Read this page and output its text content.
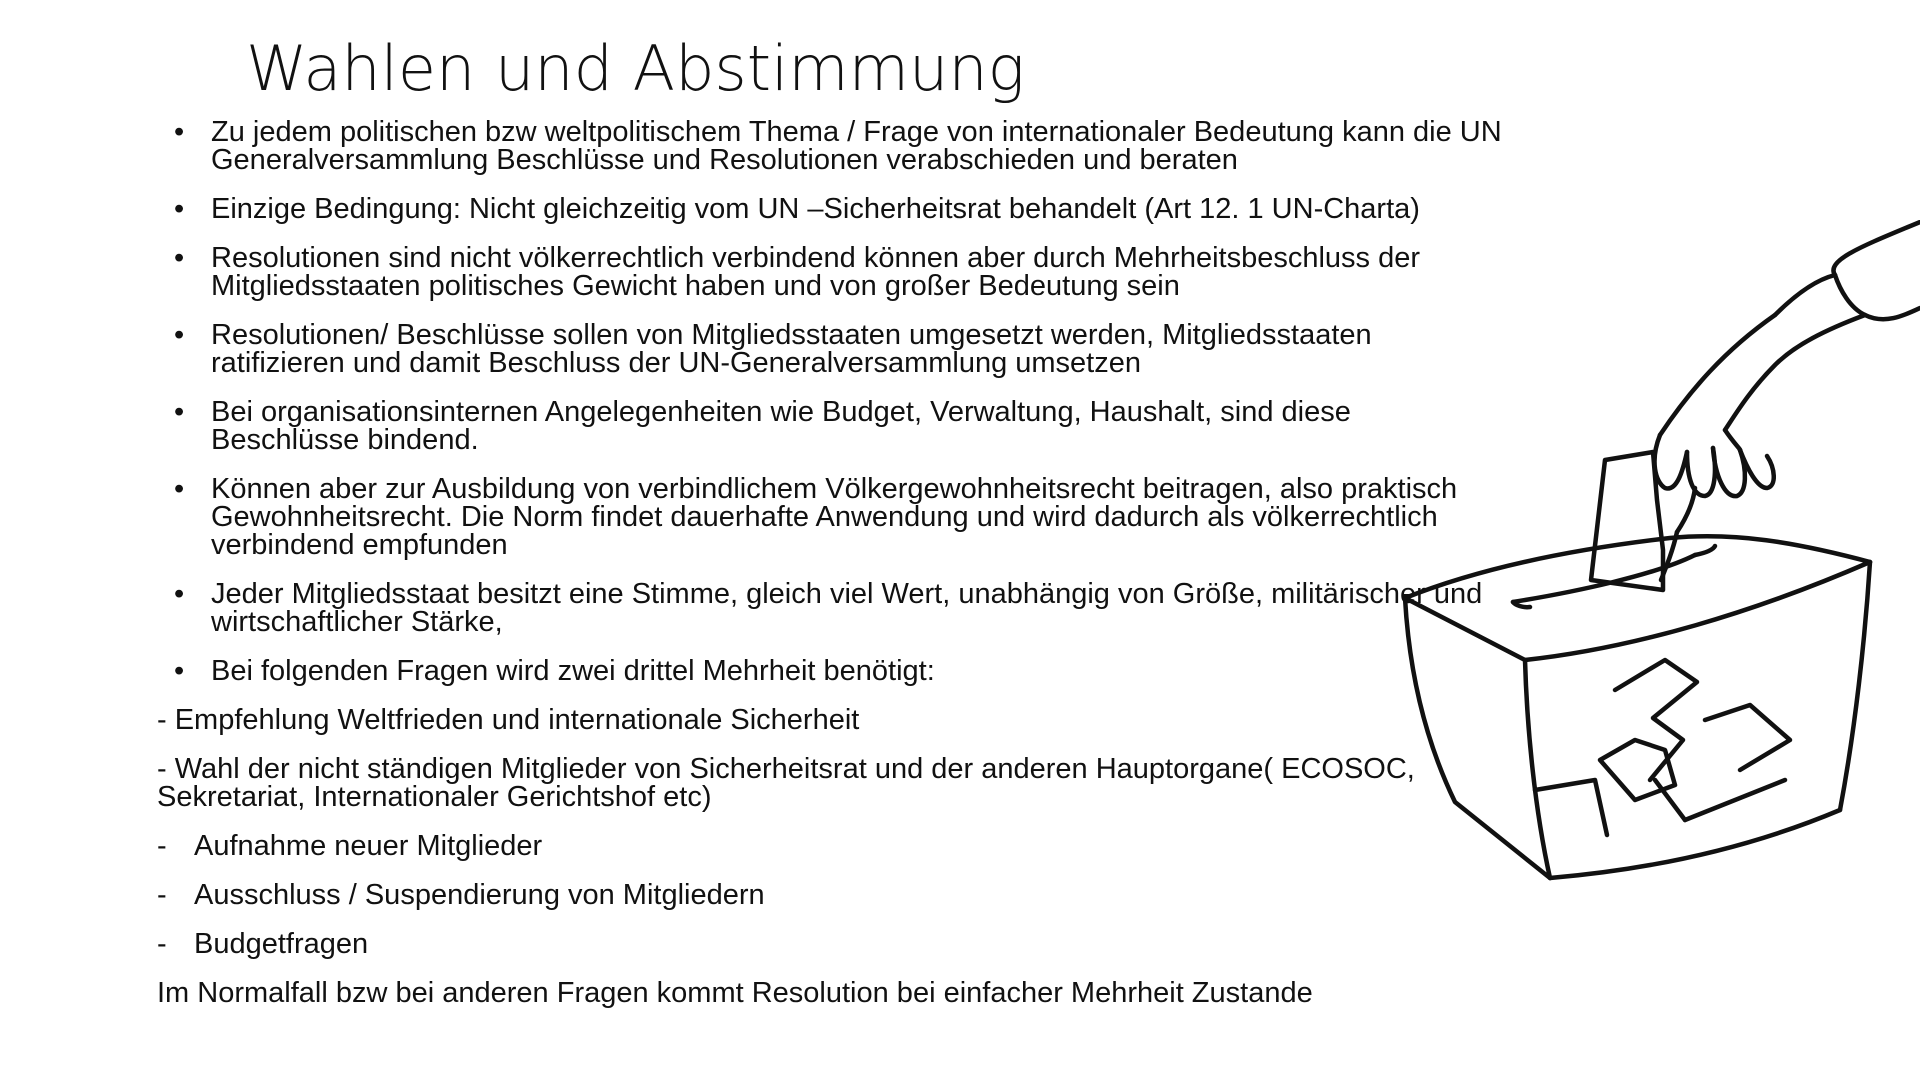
Wahlen und Abstimmung
• Zu jedem politischen bzw weltpolitischem Thema / Frage von internationaler Bedeutung kann die UN Generalversammlung Beschlüsse und Resolutionen verabschieden und beraten
• Einzige Bedingung: Nicht gleichzeitig vom UN –Sicherheitsrat behandelt (Art 12. 1 UN-Charta)
• Resolutionen sind nicht völkerrechtlich verbindend können aber durch Mehrheitsbeschluss der Mitgliedsstaaten politisches Gewicht haben und von großer Bedeutung sein
• Resolutionen/ Beschlüsse sollen von Mitgliedsstaaten umgesetzt werden, Mitgliedsstaaten ratifizieren und damit Beschluss der UN-Generalversammlung umsetzen
• Bei organisationsinternen Angelegenheiten wie Budget, Verwaltung, Haushalt, sind diese Beschlüsse bindend.
• Können aber zur Ausbildung von verbindlichem Völkergewohnheitsrecht beitragen, also praktisch Gewohnheitsrecht. Die Norm findet dauerhafte Anwendung und wird dadurch als völkerrechtlich verbindend empfunden
• Jeder Mitgliedsstaat besitzt eine Stimme, gleich viel Wert, unabhängig von Größe, militärischer und wirtschaftlicher Stärke,
• Bei folgenden Fragen wird zwei drittel Mehrheit benötigt:
- Empfehlung Weltfrieden und internationale Sicherheit
- Wahl der nicht ständigen Mitglieder von Sicherheitsrat und der anderen Hauptorgane( ECOSOC, Sekretariat, Internationaler Gerichtshof etc)
- Aufnahme neuer Mitglieder
- Ausschluss / Suspendierung von Mitgliedern
- Budgetfragen
Im Normalfall bzw bei anderen Fragen kommt Resolution bei einfacher Mehrheit Zustande
